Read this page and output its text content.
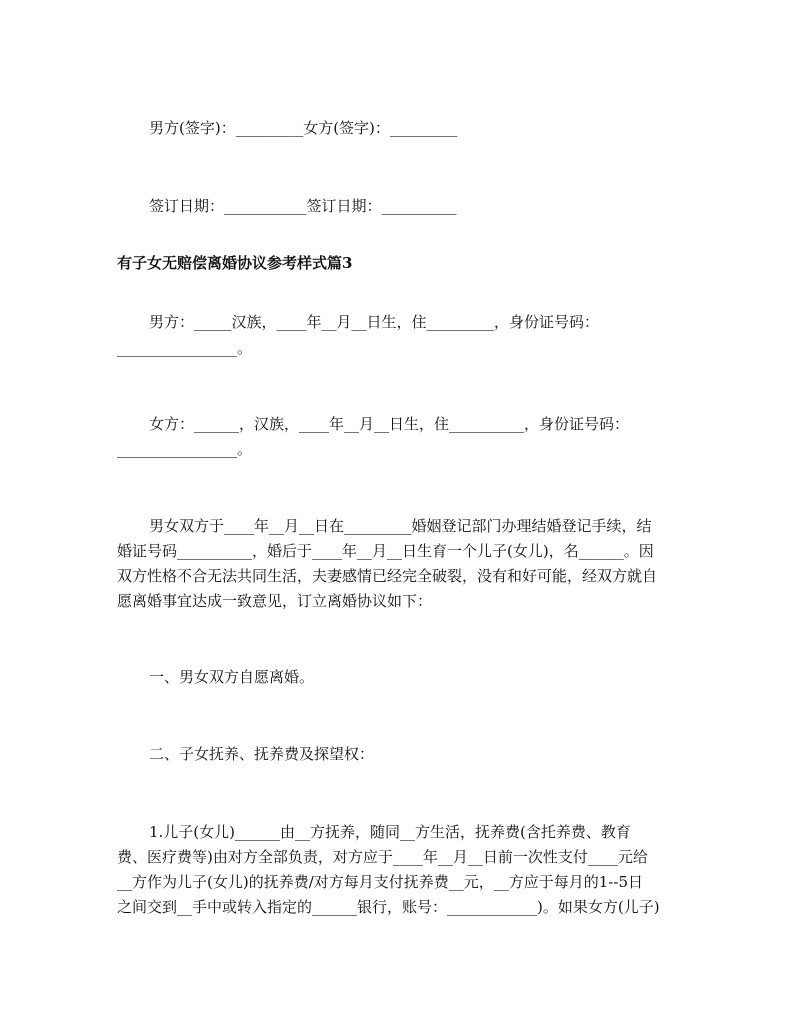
男方(签字)：_________女方(签字)：_________
签订日期：___________签订日期：__________
有子女无赔偿离婚协议参考样式篇3
男方：_____汉族，____年__月__日生，住_________，身份证号码：
________________。
女方：______，汉族，____年__月__日生，住__________，身份证号码：
________________。
男女双方于____年__月__日在_________婚姻登记部门办理结婚登记手续，结
婚证号码__________，婚后于____年__月__日生育一个儿子(女儿)，名______。因
双方性格不合无法共同生活，夫妻感情已经完全破裂，没有和好可能，经双方就自
愿离婚事宜达成一致意见，订立离婚协议如下：
一、男女双方自愿离婚。
二、子女抚养、抚养费及探望权：
1.儿子(女儿)______由__方抚养，随同__方生活，抚养费(含托养费、教育
费、医疗费等)由对方全部负责，对方应于____年__月__日前一次性支付____元给
__方作为儿子(女儿)的抚养费/对方每月支付抚养费__元，__方应于每月的1--5日
之间交到__手中或转入指定的______银行，账号：____________)。如果女方(儿子)
